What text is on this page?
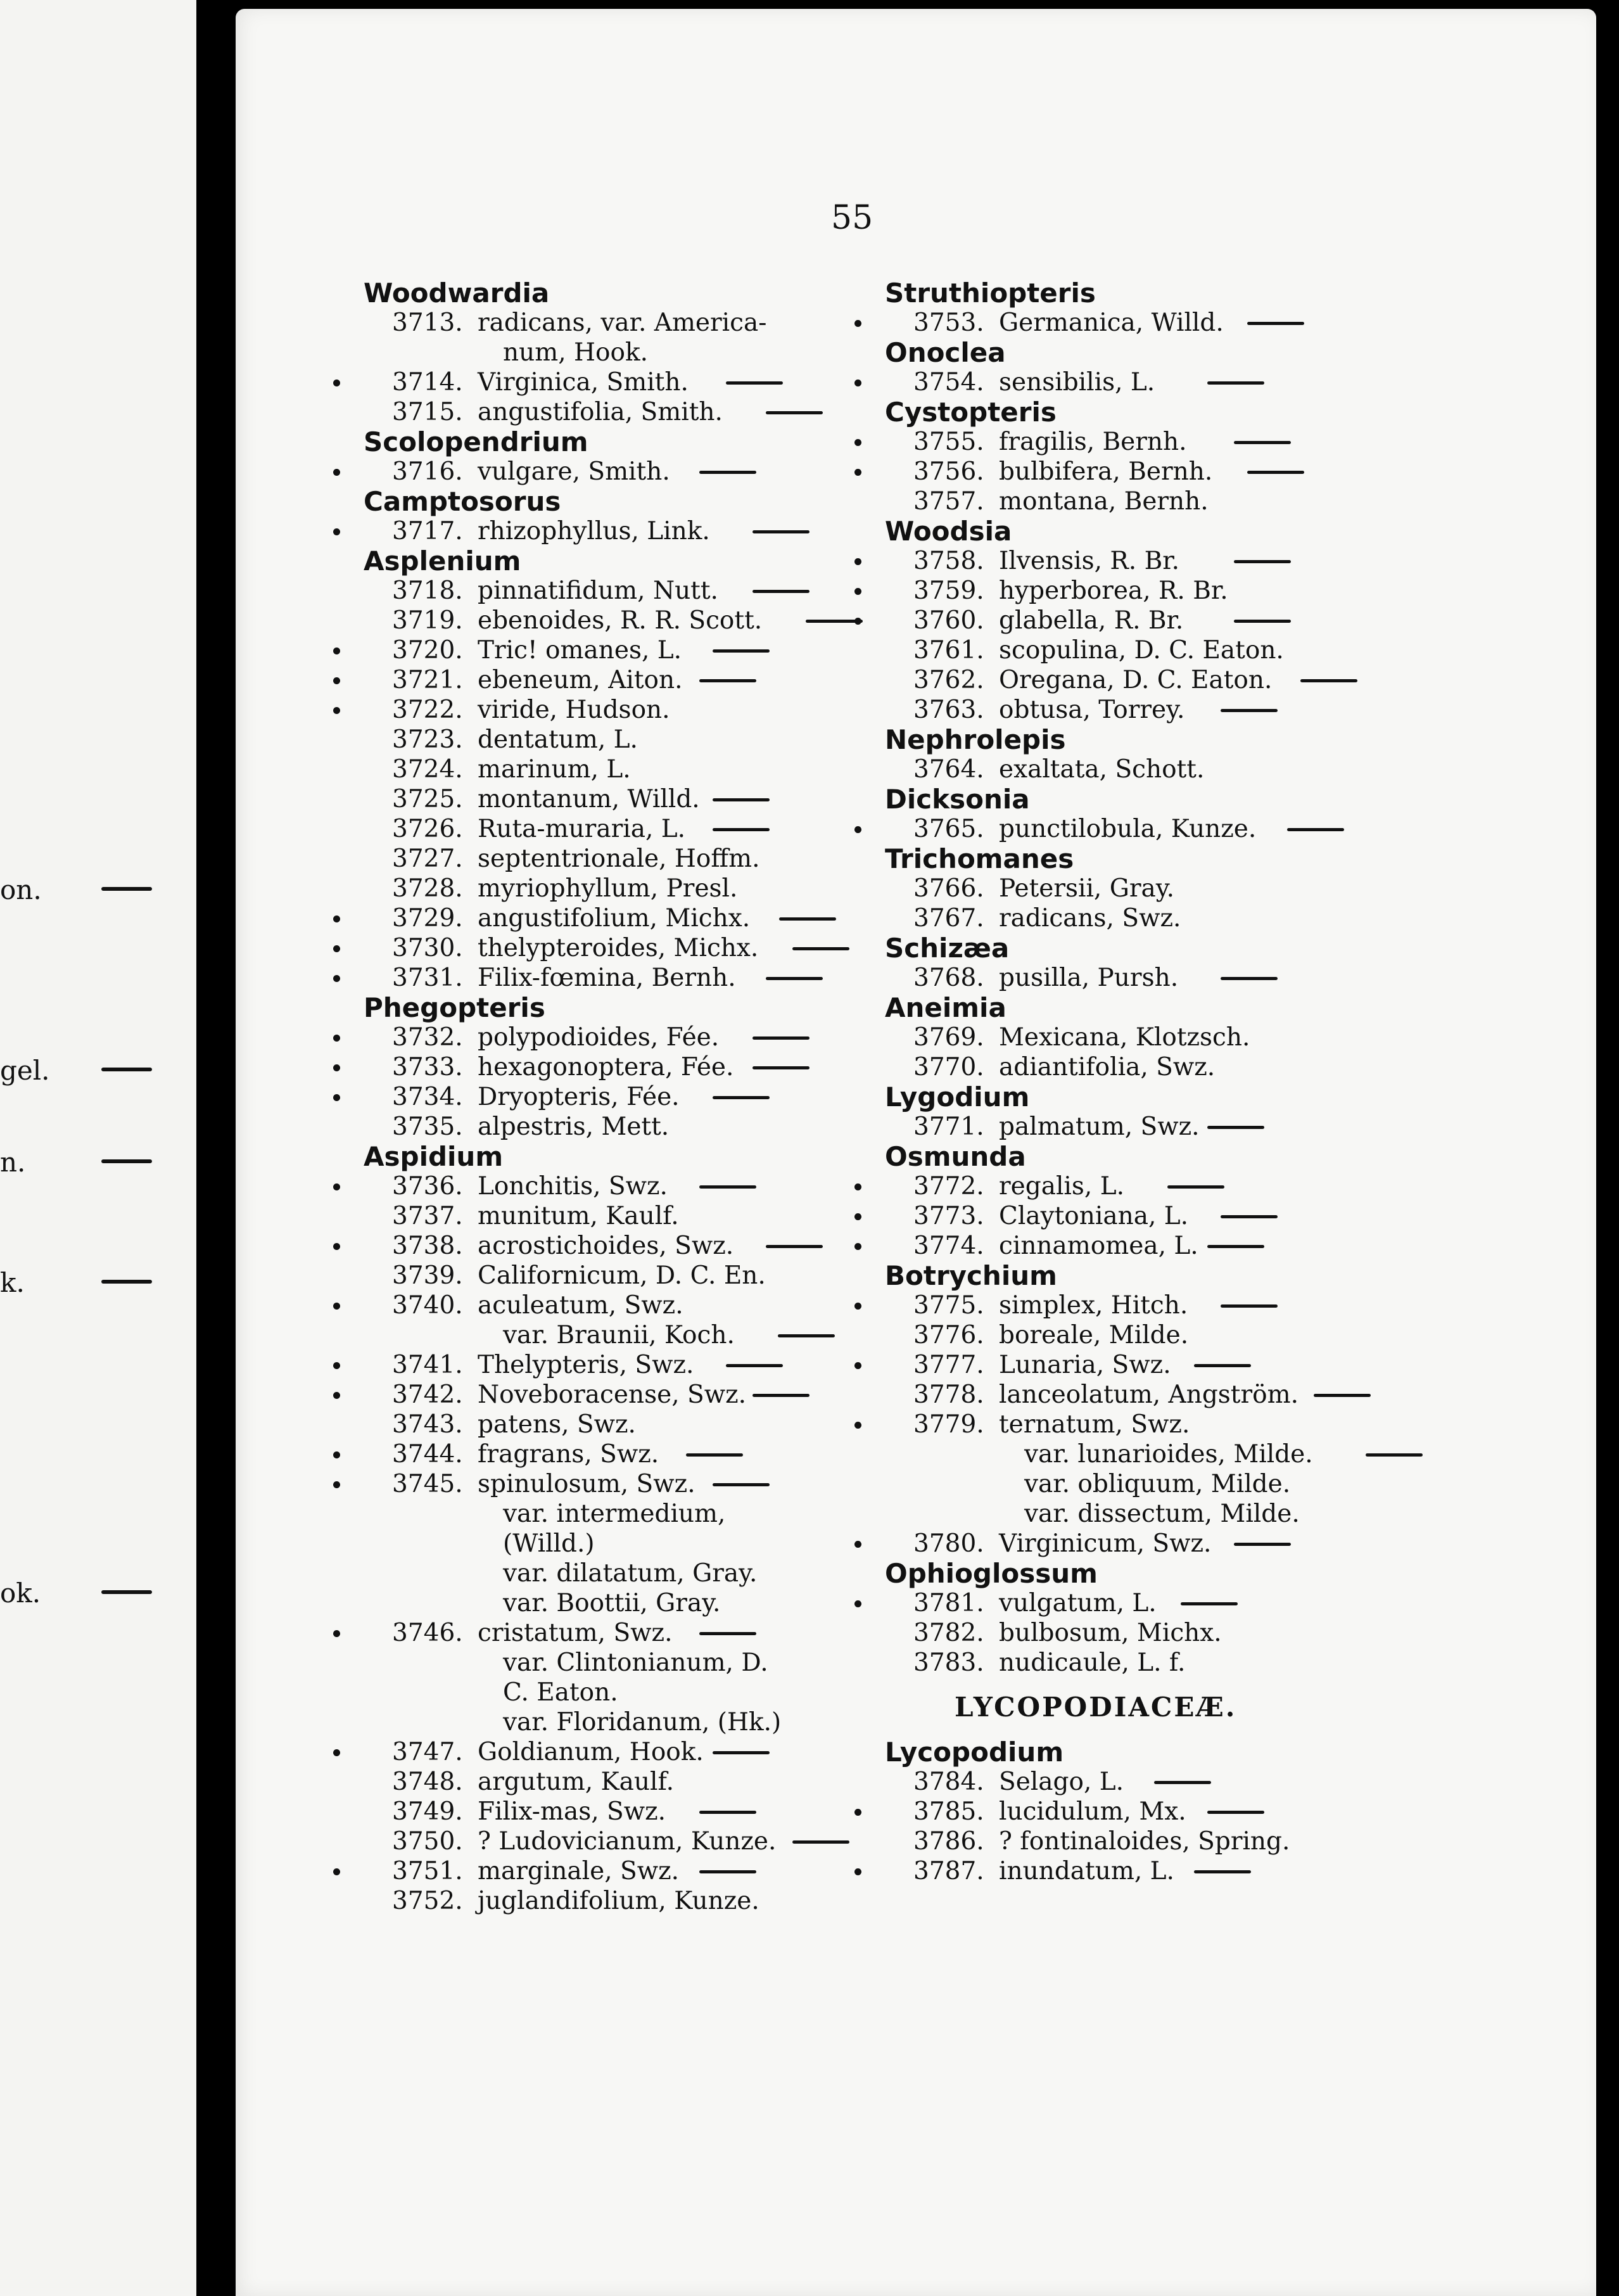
on.
gel.
n.
k.
ok.
55
Woodwardia
3713. radicans, var. America-
num, Hook.
3714. Virginica, Smith.
3715. angustifolia, Smith.
Scolopendrium
3716. vulgare, Smith.
Camptosorus
3717. rhizophyllus, Link.
Asplenium
3718. pinnatifidum, Nutt.
3719. ebenoides, R. R. Scott.
3720. Tric! omanes, L.
3721. ebeneum, Aiton.
3722. viride, Hudson.
3723. dentatum, L.
3724. marinum, L.
3725. montanum, Willd.
3726. Ruta-muraria, L.
3727. septentrionale, Hoffm.
3728. myriophyllum, Presl.
3729. angustifolium, Michx.
3730. thelypteroides, Michx.
3731. Filix-fœmina, Bernh.
Phegopteris
3732. polypodioides, Fée.
3733. hexagonoptera, Fée.
3734. Dryopteris, Fée.
3735. alpestris, Mett.
Aspidium
3736. Lonchitis, Swz.
3737. munitum, Kaulf.
3738. acrostichoides, Swz.
3739. Californicum, D. C. En.
3740. aculeatum, Swz.
var. Braunii, Koch.
3741. Thelypteris, Swz.
3742. Noveboracense, Swz.
3743. patens, Swz.
3744. fragrans, Swz.
3745. spinulosum, Swz.
var. intermedium,
(Willd.)
var. dilatatum, Gray.
var. Boottii, Gray.
3746. cristatum, Swz.
var. Clintonianum, D.
C. Eaton.
var. Floridanum, (Hk.)
3747. Goldianum, Hook.
3748. argutum, Kaulf.
3749. Filix-mas, Swz.
3750. ? Ludovicianum, Kunze.
3751. marginale, Swz.
3752. juglandifolium, Kunze.
Struthiopteris
3753. Germanica, Willd.
Onoclea
3754. sensibilis, L.
Cystopteris
3755. fragilis, Bernh.
3756. bulbifera, Bernh.
3757. montana, Bernh.
Woodsia
3758. Ilvensis, R. Br.
3759. hyperborea, R. Br.
3760. glabella, R. Br.
3761. scopulina, D. C. Eaton.
3762. Oregana, D. C. Eaton.
3763. obtusa, Torrey.
Nephrolepis
3764. exaltata, Schott.
Dicksonia
3765. punctilobula, Kunze.
Trichomanes
3766. Petersii, Gray.
3767. radicans, Swz.
Schizæa
3768. pusilla, Pursh.
Aneimia
3769. Mexicana, Klotzsch.
3770. adiantifolia, Swz.
Lygodium
3771. palmatum, Swz.
Osmunda
3772. regalis, L.
3773. Claytoniana, L.
3774. cinnamomea, L.
Botrychium
3775. simplex, Hitch.
3776. boreale, Milde.
3777. Lunaria, Swz.
3778. lanceolatum, Angström.
3779. ternatum, Swz.
var. lunarioides, Milde.
var. obliquum, Milde.
var. dissectum, Milde.
3780. Virginicum, Swz.
Ophioglossum
3781. vulgatum, L.
3782. bulbosum, Michx.
3783. nudicaule, L. f.
LYCOPODIACEÆ.
Lycopodium
3784. Selago, L.
3785. lucidulum, Mx.
3786. ? fontinaloides, Spring.
3787. inundatum, L.
